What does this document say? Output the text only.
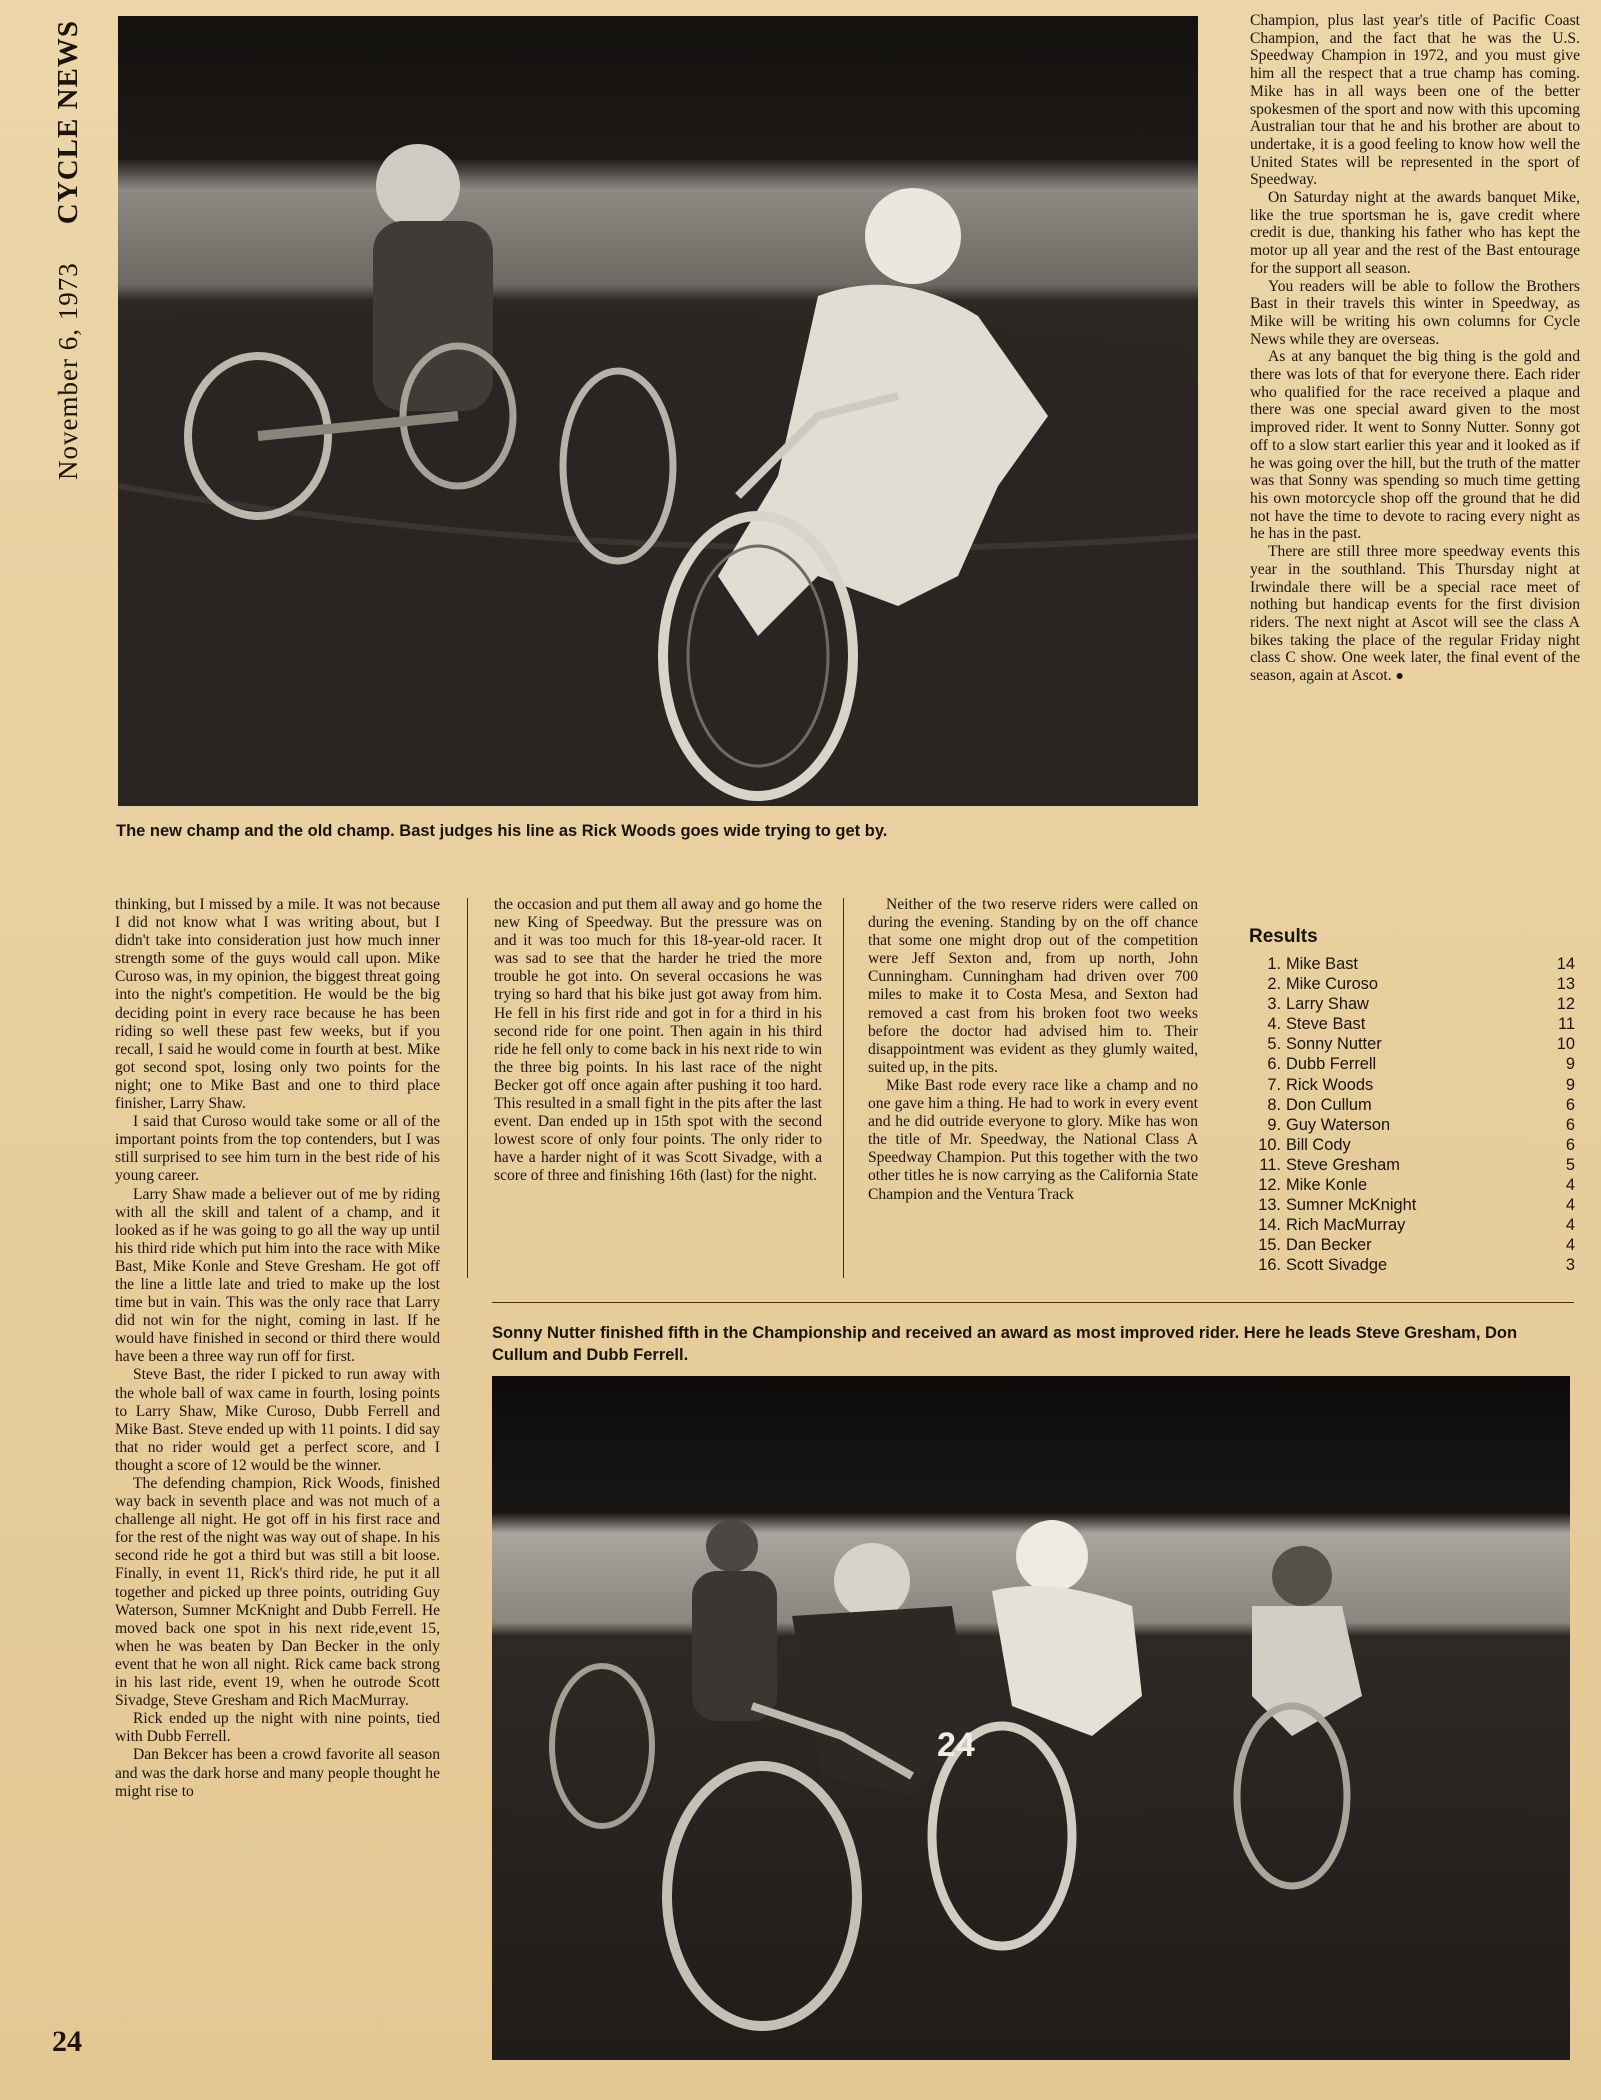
November 6, 1973
CYCLE NEWS
The new champ and the old champ. Bast judges his line as Rick Woods goes wide trying to get by.

Champion, plus last year's title of Pacific Coast Champion, and the fact that he was the U.S. Speedway Champion in 1972, and you must give him all the respect that a true champ has coming. Mike has in all ways been one of the better spokesmen of the sport and now with this upcoming Australian tour that he and his brother are about to undertake, it is a good feeling to know how well the United States will be represented in the sport of Speedway.

On Saturday night at the awards banquet Mike, like the true sportsman he is, gave credit where credit is due, thanking his father who has kept the motor up all year and the rest of the Bast entourage for the support all season.

You readers will be able to follow the Brothers Bast in their travels this winter in Speedway, as Mike will be writing his own columns for Cycle News while they are overseas.

As at any banquet the big thing is the gold and there was lots of that for everyone there. Each rider who qualified for the race received a plaque and there was one special award given to the most improved rider. It went to Sonny Nutter. Sonny got off to a slow start earlier this year and it looked as if he was going over the hill, but the truth of the matter was that Sonny was spending so much time getting his own motorcycle shop off the ground that he did not have the time to devote to racing every night as he has in the past.

There are still three more speedway events this year in the southland. This Thursday night at Irwindale there will be a special race meet of nothing but handicap events for the first division riders. The next night at Ascot will see the class A bikes taking the place of the regular Friday night class C show. One week later, the final event of the season, again at Ascot. ●

Results
1. Mike Bast	14
2. Mike Curoso	13
3. Larry Shaw	12
4. Steve Bast	11
5. Sonny Nutter	10
6. Dubb Ferrell	9
7. Rick Woods	9
8. Don Cullum	6
9. Guy Waterson	6
10. Bill Cody	6
11. Steve Gresham	5
12. Mike Konle	4
13. Sumner McKnight	4
14. Rich MacMurray	4
15. Dan Becker	4
16. Scott Sivadge	3

thinking, but I missed by a mile. It was not because I did not know what I was writing about, but I didn't take into consideration just how much inner strength some of the guys would call upon. Mike Curoso was, in my opinion, the biggest threat going into the night's competition. He would be the big deciding point in every race because he has been riding so well these past few weeks, but if you recall, I said he would come in fourth at best. Mike got second spot, losing only two points for the night; one to Mike Bast and one to third place finisher, Larry Shaw.

I said that Curoso would take some or all of the important points from the top contenders, but I was still surprised to see him turn in the best ride of his young career.

Larry Shaw made a believer out of me by riding with all the skill and talent of a champ, and it looked as if he was going to go all the way up until his third ride which put him into the race with Mike Bast, Mike Konle and Steve Gresham. He got off the line a little late and tried to make up the lost time but in vain. This was the only race that Larry did not win for the night, coming in last. If he would have finished in second or third there would have been a three way run off for first.

Steve Bast, the rider I picked to run away with the whole ball of wax came in fourth, losing points to Larry Shaw, Mike Curoso, Dubb Ferrell and Mike Bast. Steve ended up with 11 points. I did say that no rider would get a perfect score, and I thought a score of 12 would be the winner.

The defending champion, Rick Woods, finished way back in seventh place and was not much of a challenge all night. He got off in his first race and for the rest of the night was way out of shape. In his second ride he got a third but was still a bit loose. Finally, in event 11, Rick's third ride, he put it all together and picked up three points, outriding Guy Waterson, Sumner McKnight and Dubb Ferrell. He moved back one spot in his next ride,event 15, when he was beaten by Dan Becker in the only event that he won all night. Rick came back strong in his last ride, event 19, when he outrode Scott Sivadge, Steve Gresham and Rich MacMurray.

Rick ended up the night with nine points, tied with Dubb Ferrell.

Dan Bekcer has been a crowd favorite all season and was the dark horse and many people thought he might rise to

the occasion and put them all away and go home the new King of Speedway. But the pressure was on and it was too much for this 18-year-old racer. It was sad to see that the harder he tried the more trouble he got into. On several occasions he was trying so hard that his bike just got away from him. He fell in his first ride and got in for a third in his second ride for one point. Then again in his third ride he fell only to come back in his next ride to win the three big points. In his last race of the night Becker got off once again after pushing it too hard. This resulted in a small fight in the pits after the last event. Dan ended up in 15th spot with the second lowest score of only four points. The only rider to have a harder night of it was Scott Sivadge, with a score of three and finishing 16th (last) for the night.

Neither of the two reserve riders were called on during the evening. Standing by on the off chance that some one might drop out of the competition were Jeff Sexton and, from up north, John Cunningham. Cunningham had driven over 700 miles to make it to Costa Mesa, and Sexton had removed a cast from his broken foot two weeks before the doctor had advised him to. Their disappointment was evident as they glumly waited, suited up, in the pits.

Mike Bast rode every race like a champ and no one gave him a thing. He had to work in every event and he did outride everyone to glory. Mike has won the title of Mr. Speedway, the National Class A Speedway Champion. Put this together with the two other titles he is now carrying as the California State Champion and the Ventura Track

Sonny Nutter finished fifth in the Championship and received an award as most improved rider. Here he leads Steve Gresham, Don Cullum and Dubb Ferrell.
24
24
